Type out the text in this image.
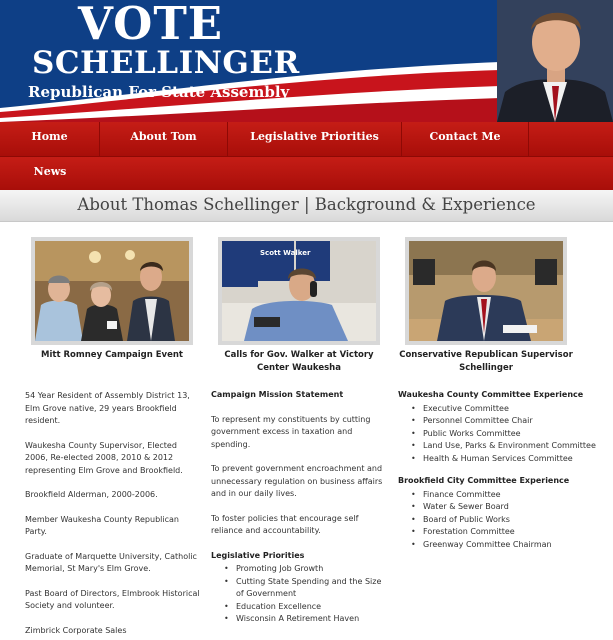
VOTE
SCHELLINGER
Republican For State Assembly
Home	About Tom	Legislative Priorities	Contact Me
News
About Thomas Schellinger | Background & Experience
Scott Walker
Mitt Romney Campaign Event	Calls for Gov. Walker at Victory Center Waukesha
Conservative Republican Supervisor Schellinger

54 Year Resident of Assembly District 13, Elm Grove native, 29 years Brookfield resident.

Waukesha County Supervisor, Elected 2006, Re-elected 2008, 2010 & 2012 representing Elm Grove and Brookfield.

Brookfield Alderman, 2000-2006.

Member Waukesha County Republican Party.

Graduate of Marquette University, Catholic Memorial, St Mary's Elm Grove.

Past Board of Directors, Elmbrook Historical Society and volunteer.

Zimbrick Corporate Sales

Campaign Mission Statement

To represent my constituents by cutting government excess in taxation and spending.

To prevent government encroachment and unnecessary regulation on business affairs and in our daily lives.

To foster policies that encourage self reliance and accountability.

Legislative Priorities
• Promoting Job Growth
• Cutting State Spending and the Size of Government
• Education Excellence
• Wisconsin A Retirement Haven
Waukesha County Committee Experience
• Executive Committee
• Personnel Committee Chair
• Public Works Committee
• Land Use, Parks & Environment Committee
• Health & Human Services Committee
Brookfield City Committee Experience
• Finance Committee
• Water & Sewer Board
• Board of Public Works
• Forestation Committee
• Greenway Committee Chairman
